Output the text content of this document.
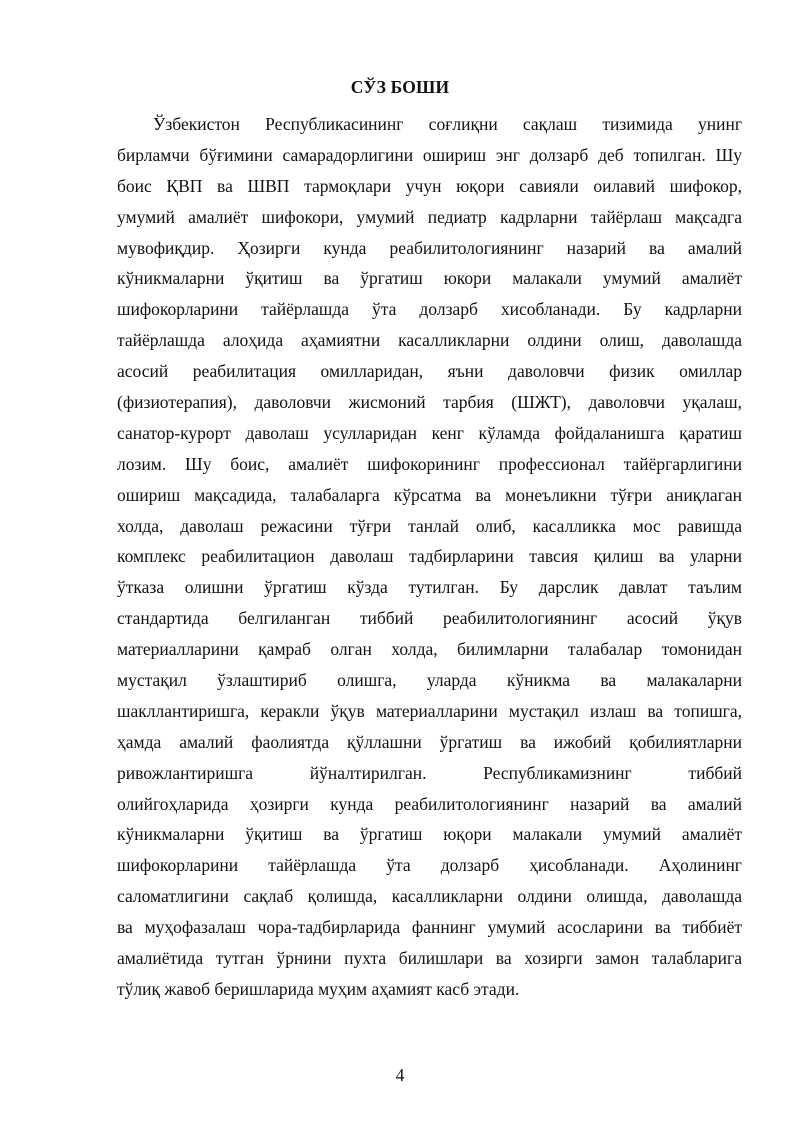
СЎЗ БОШИ
Ўзбекистон Республикасининг соғлиқни сақлаш тизимида унинг
бирламчи бўғимини самарадорлигини ошириш энг долзарб деб топилган. Шу
боис ҚВП ва ШВП тармоқлари учун юқори савияли оилавий шифокор,
умумий амалиёт шифокори, умумий педиатр кадрларни тайёрлаш мақсадга
мувофиқдир. Ҳозирги кунда реабилитологиянинг назарий ва амалий
кўникмаларни ўқитиш ва ўргатиш юкори малакали умумий амалиёт
шифокорларини тайёрлашда ўта долзарб хисобланади. Бу кадрларни
тайёрлашда алоҳида аҳамиятни касалликларни олдини олиш, даволашда
асосий реабилитация омилларидан, яъни даволовчи физик омиллар
(физиотерапия), даволовчи жисмоний тарбия (ШЖТ), даволовчи уқалаш,
санатор-курорт даволаш усулларидан кенг кўламда фойдаланишга қаратиш
лозим. Шу боис, амалиёт шифокорининг профессионал тайёргарлигини
ошириш мақсадида, талабаларга кўрсатма ва монеъликни тўғри аниқлаган
холда, даволаш режасини тўғри танлай олиб, касалликка мос равишда
комплекс реабилитацион даволаш тадбирларини тавсия қилиш ва уларни
ўтказа олишни ўргатиш кўзда тутилган. Бу дарслик давлат таълим
стандартида белгиланган тиббий реабилитологиянинг асосий ўқув
материалларини қамраб олган холда, билимларни талабалар томонидан
мустақил ўзлаштириб олишга, уларда кўникма ва малакаларни
шакллантиришга, керакли ўқув материалларини мустақил излаш ва топишга,
ҳамда амалий фаолиятда қўллашни ўргатиш ва ижобий қобилиятларни
ривожлантиришга йўналтирилган. Республикамизнинг тиббий
олийгоҳларида ҳозирги кунда реабилитологиянинг назарий ва амалий
кўникмаларни ўқитиш ва ўргатиш юқори малакали умумий амалиёт
шифокорларини тайёрлашда ўта долзарб ҳисобланади. Аҳолининг
саломатлигини сақлаб қолишда, касалликларни олдини олишда, даволашда
ва муҳофазалаш чора-тадбирларида фаннинг умумий асосларини ва тиббиёт
амалиётида тутган ўрнини пухта билишлари ва хозирги замон талабларига
тўлиқ жавоб беришларида муҳим аҳамият касб этади.
4
